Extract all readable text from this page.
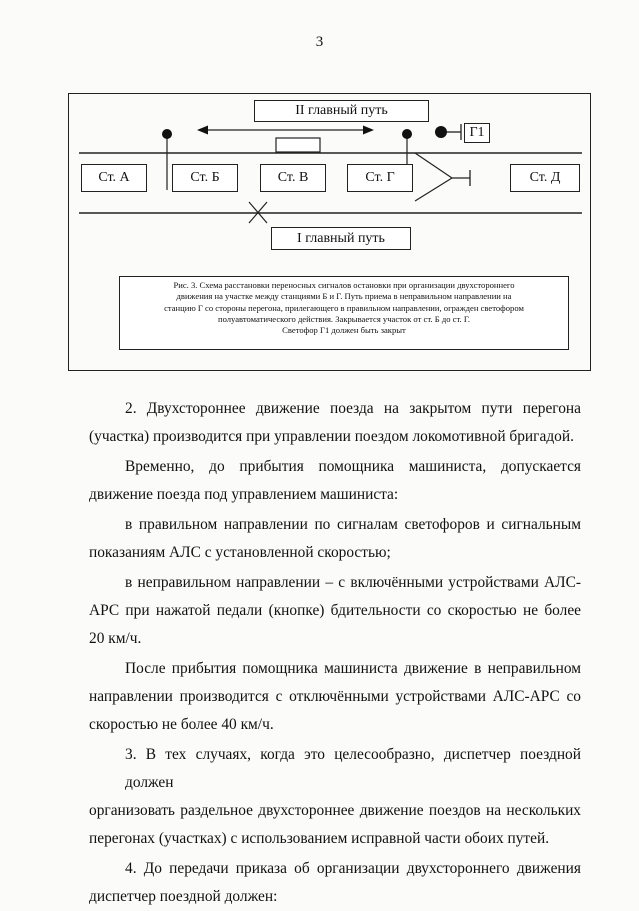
3
II главный путь
Г1
Ст. А	Ст. Б	Ст. В	Ст. Г	Ст. Д
I главный путь
Рис. 3. Схема расстановки переносных сигналов остановки при организации двухстороннего
движения на участке между станциями Б и Г. Путь приема в неправильном направлении на
станцию Г со стороны перегона, прилегающего в правильном направлении, огражден светофором
полуавтоматического действия. Закрывается участок от ст. Б до ст. Г.
Светофор Г1 должен быть закрыт
2. Двухстороннее движение поезда на закрытом пути перегона
(участка) производится при управлении поездом локомотивной бригадой.
Временно, до прибытия помощника машиниста, допускается
движение поезда под управлением машиниста:
в правильном направлении по сигналам светофоров и сигнальным
показаниям АЛС с установленной скоростью;
в неправильном направлении – с включёнными устройствами АЛС-
АРС при нажатой педали (кнопке) бдительности со скоростью не более
20 км/ч.
После прибытия помощника машиниста движение в неправильном
направлении производится с отключёнными устройствами АЛС-АРС со
скоростью не более 40 км/ч.
3. В тех случаях, когда это целесообразно, диспетчер поездной должен
организовать раздельное двухстороннее движение поездов на нескольких
перегонах (участках) с использованием исправной части обоих путей.
4. До передачи приказа об организации двухстороннего движения
диспетчер поездной должен:
